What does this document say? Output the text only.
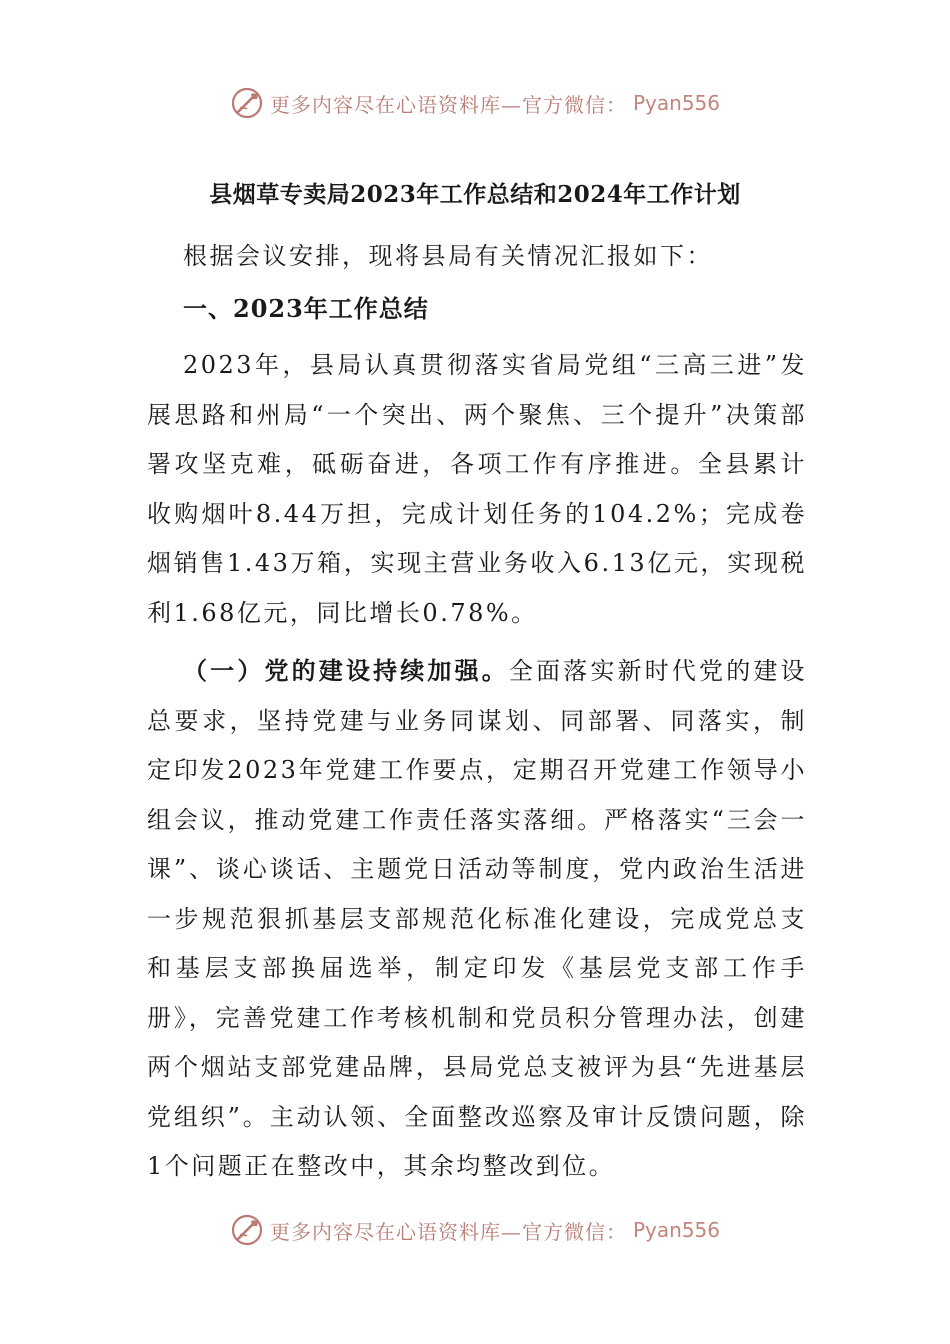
更多内容尽在心语资料库—官方微信： Pyan556
县烟草专卖局2023年工作总结和2024年工作计划

根据会议安排，现将县局有关情况汇报如下：

一、2023年工作总结

2023年，县局认真贯彻落实省局党组“三高三进”发展思路和州局“一个突出、两个聚焦、三个提升”决策部署攻坚克难，砥砺奋进，各项工作有序推进。全县累计收购烟叶8.44万担，完成计划任务的104.2%；完成卷烟销售1.43万箱，实现主营业务收入6.13亿元，实现税利1.68亿元，同比增长0.78%。

（一）党的建设持续加强。全面落实新时代党的建设总要求，坚持党建与业务同谋划、同部署、同落实，制定印发2023年党建工作要点，定期召开党建工作领导小组会议，推动党建工作责任落实落细。严格落实“三会一课”、谈心谈话、主题党日活动等制度，党内政治生活进一步规范狠抓基层支部规范化标准化建设，完成党总支和基层支部换届选举，制定印发《基层党支部工作手册》，完善党建工作考核机制和党员积分管理办法，创建两个烟站支部党建品牌，县局党总支被评为县“先进基层党组织”。主动认领、全面整改巡察及审计反馈问题，除1个问题正在整改中，其余均整改到位。

更多内容尽在心语资料库—官方微信： Pyan556
